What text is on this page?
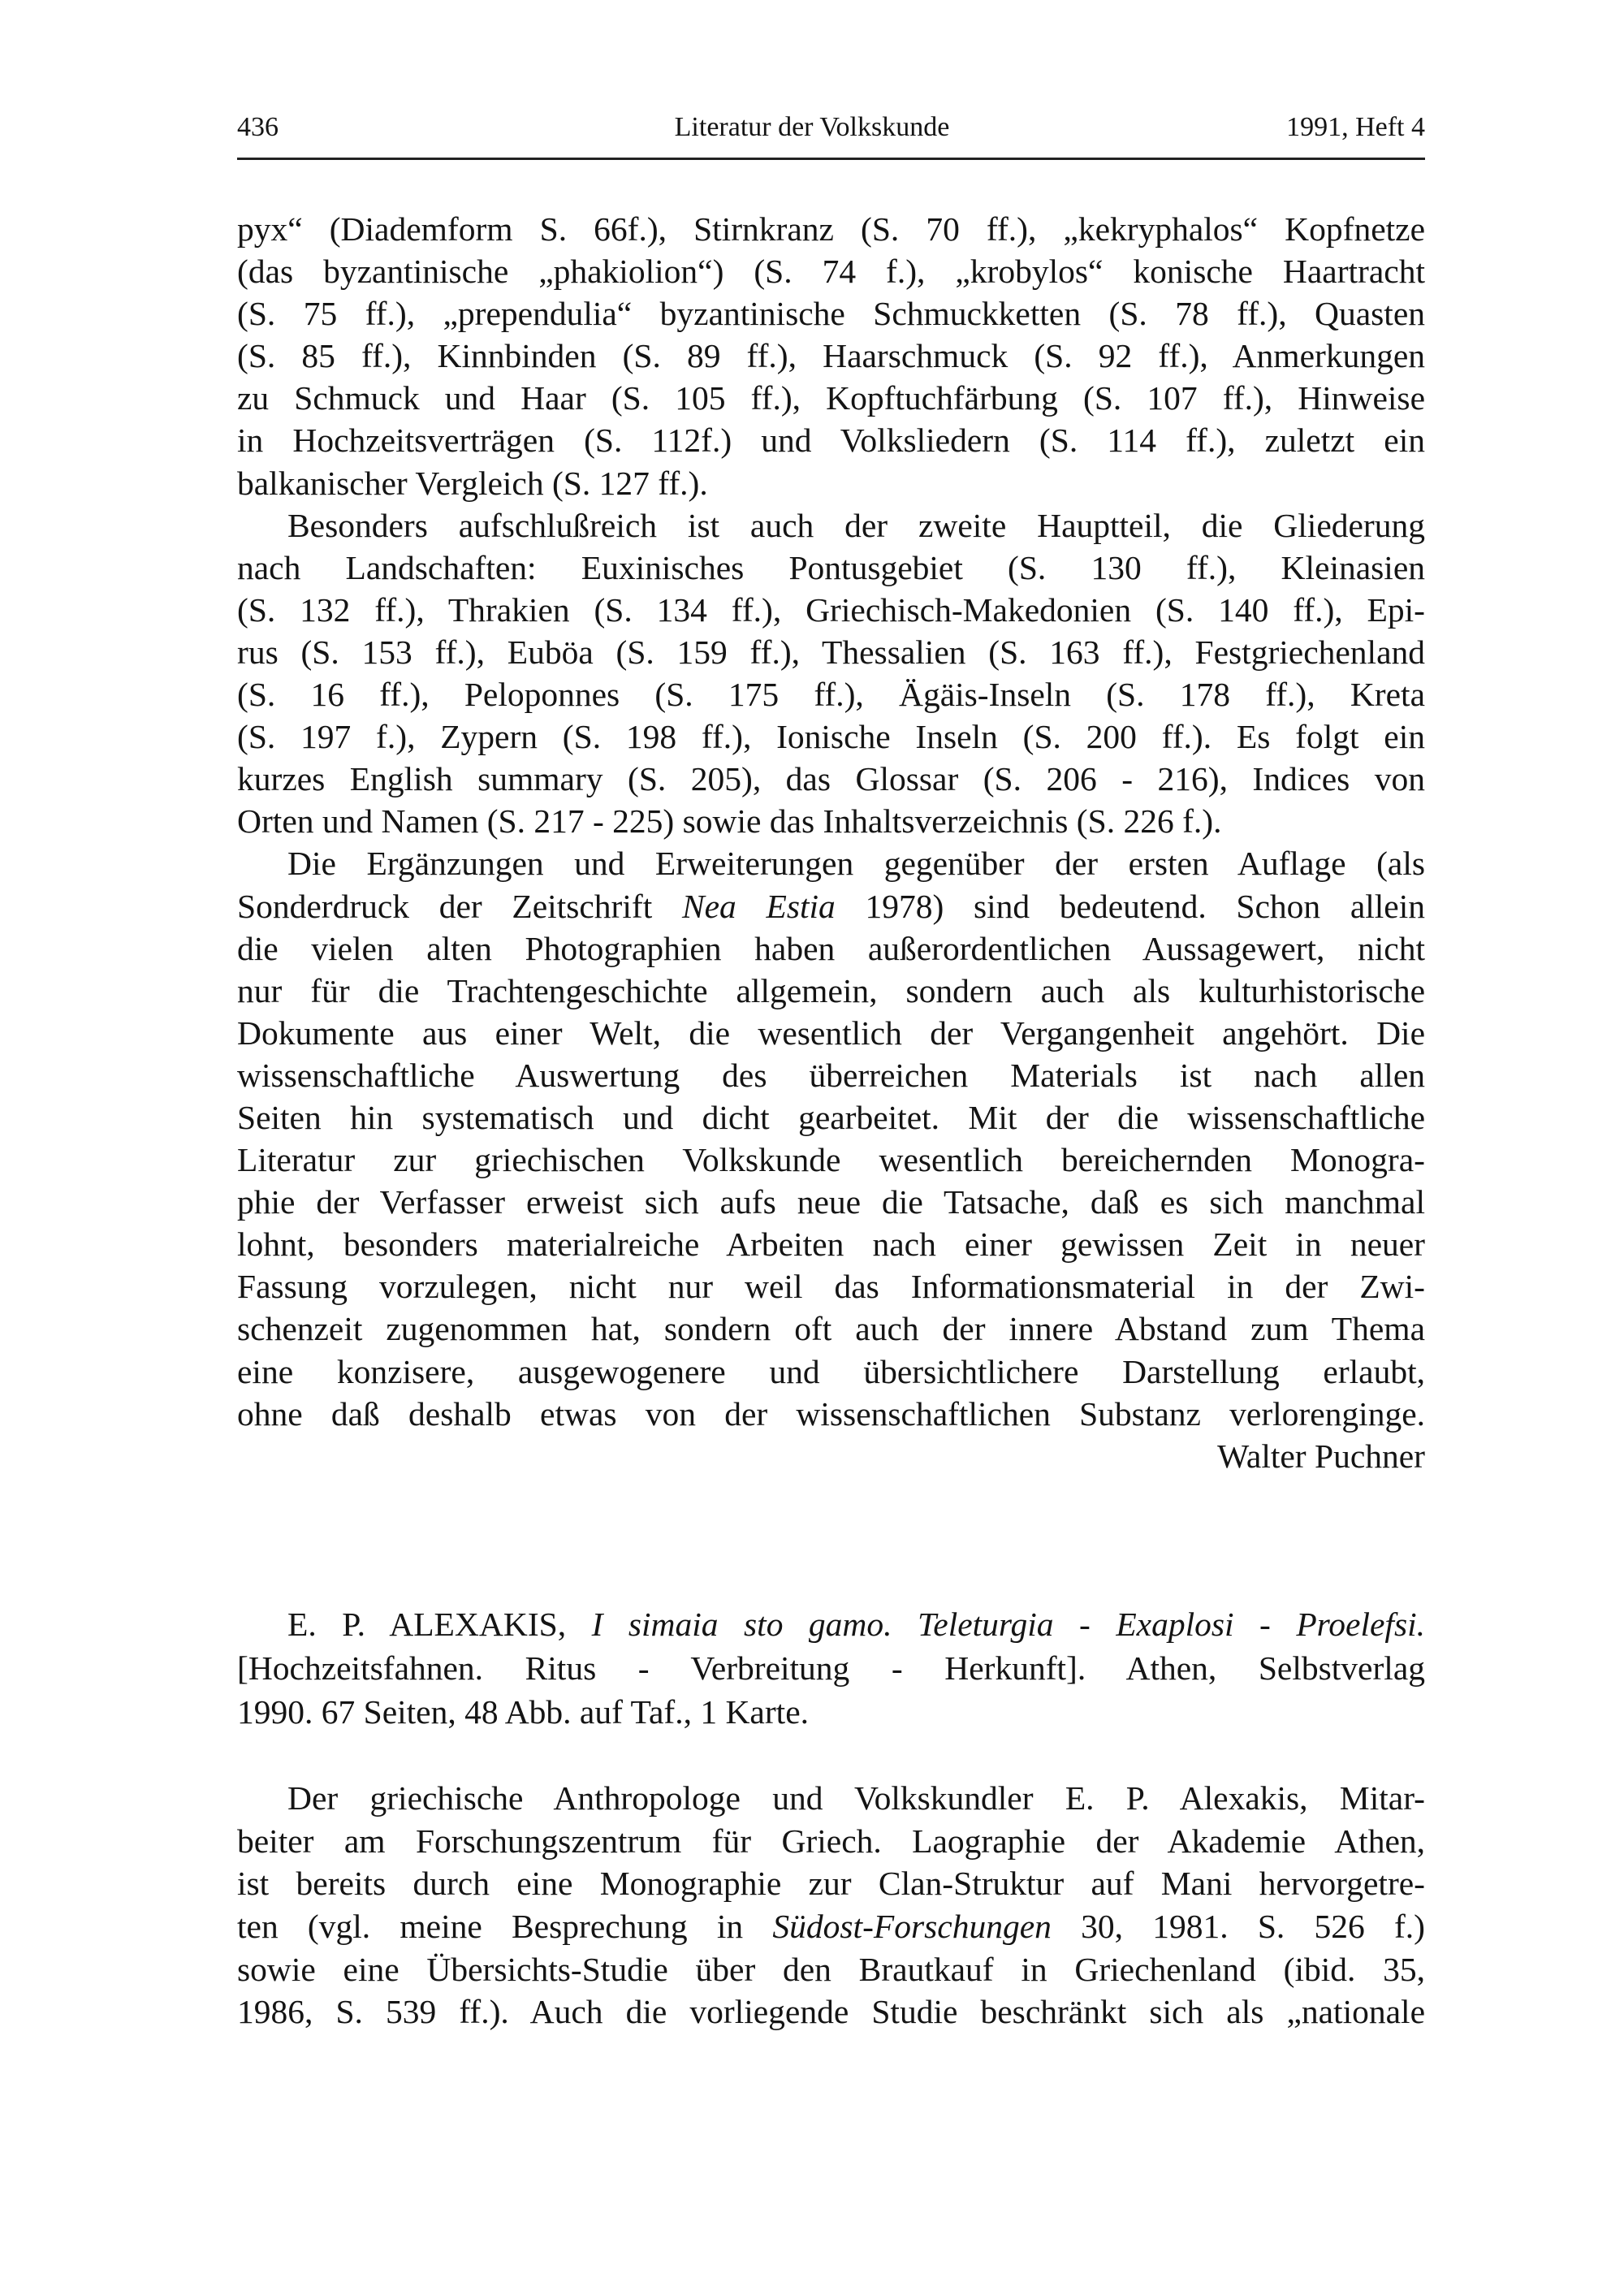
436	Literatur der Volkskunde	1991, Heft 4
pyx“ (Diademform S. 66f.), Stirnkranz (S. 70 ff.), „kekryphalos“ Kopfnetze
(das byzantinische „phakiolion“) (S. 74 f.), „krobylos“ konische Haartracht
(S. 75 ff.), „prependulia“ byzantinische Schmuckketten (S. 78 ff.), Quasten
(S. 85 ff.), Kinnbinden (S. 89 ff.), Haarschmuck (S. 92 ff.), Anmerkungen
zu Schmuck und Haar (S. 105 ff.), Kopftuchfärbung (S. 107 ff.), Hinweise
in Hochzeitsverträgen (S. 112f.) und Volksliedern (S. 114 ff.), zuletzt ein
balkanischer Vergleich (S. 127 ff.).
Besonders aufschlußreich ist auch der zweite Hauptteil, die Gliederung
nach Landschaften: Euxinisches Pontusgebiet (S. 130 ff.), Kleinasien
(S. 132 ff.), Thrakien (S. 134 ff.), Griechisch-Makedonien (S. 140 ff.), Epi-
rus (S. 153 ff.), Euböa (S. 159 ff.), Thessalien (S. 163 ff.), Festgriechenland
(S. 16 ff.), Peloponnes (S. 175 ff.), Ägäis-Inseln (S. 178 ff.), Kreta
(S. 197 f.), Zypern (S. 198 ff.), Ionische Inseln (S. 200 ff.). Es folgt ein
kurzes English summary (S. 205), das Glossar (S. 206 - 216), Indices von
Orten und Namen (S. 217 - 225) sowie das Inhaltsverzeichnis (S. 226 f.).
Die Ergänzungen und Erweiterungen gegenüber der ersten Auflage (als
Sonderdruck der Zeitschrift Nea Estia 1978) sind bedeutend. Schon allein
die vielen alten Photographien haben außerordentlichen Aussagewert, nicht
nur für die Trachtengeschichte allgemein, sondern auch als kulturhistorische
Dokumente aus einer Welt, die wesentlich der Vergangenheit angehört. Die
wissenschaftliche Auswertung des überreichen Materials ist nach allen
Seiten hin systematisch und dicht gearbeitet. Mit der die wissenschaftliche
Literatur zur griechischen Volkskunde wesentlich bereichernden Monogra-
phie der Verfasser erweist sich aufs neue die Tatsache, daß es sich manchmal
lohnt, besonders materialreiche Arbeiten nach einer gewissen Zeit in neuer
Fassung vorzulegen, nicht nur weil das Informationsmaterial in der Zwi-
schenzeit zugenommen hat, sondern oft auch der innere Abstand zum Thema
eine konzisere, ausgewogenere und übersichtlichere Darstellung erlaubt,
ohne daß deshalb etwas von der wissenschaftlichen Substanz verlorenginge.
Walter Puchner
E. P. ALEXAKIS, I simaia sto gamo. Teleturgia - Exaplosi - Proelefsi.
[Hochzeitsfahnen. Ritus - Verbreitung - Herkunft]. Athen, Selbstverlag
1990. 67 Seiten, 48 Abb. auf Taf., 1 Karte.
Der griechische Anthropologe und Volkskundler E. P. Alexakis, Mitar-
beiter am Forschungszentrum für Griech. Laographie der Akademie Athen,
ist bereits durch eine Monographie zur Clan-Struktur auf Mani hervorgetre-
ten (vgl. meine Besprechung in Südost-Forschungen 30, 1981. S. 526 f.)
sowie eine Übersichts-Studie über den Brautkauf in Griechenland (ibid. 35,
1986, S. 539 ff.). Auch die vorliegende Studie beschränkt sich als „nationale
